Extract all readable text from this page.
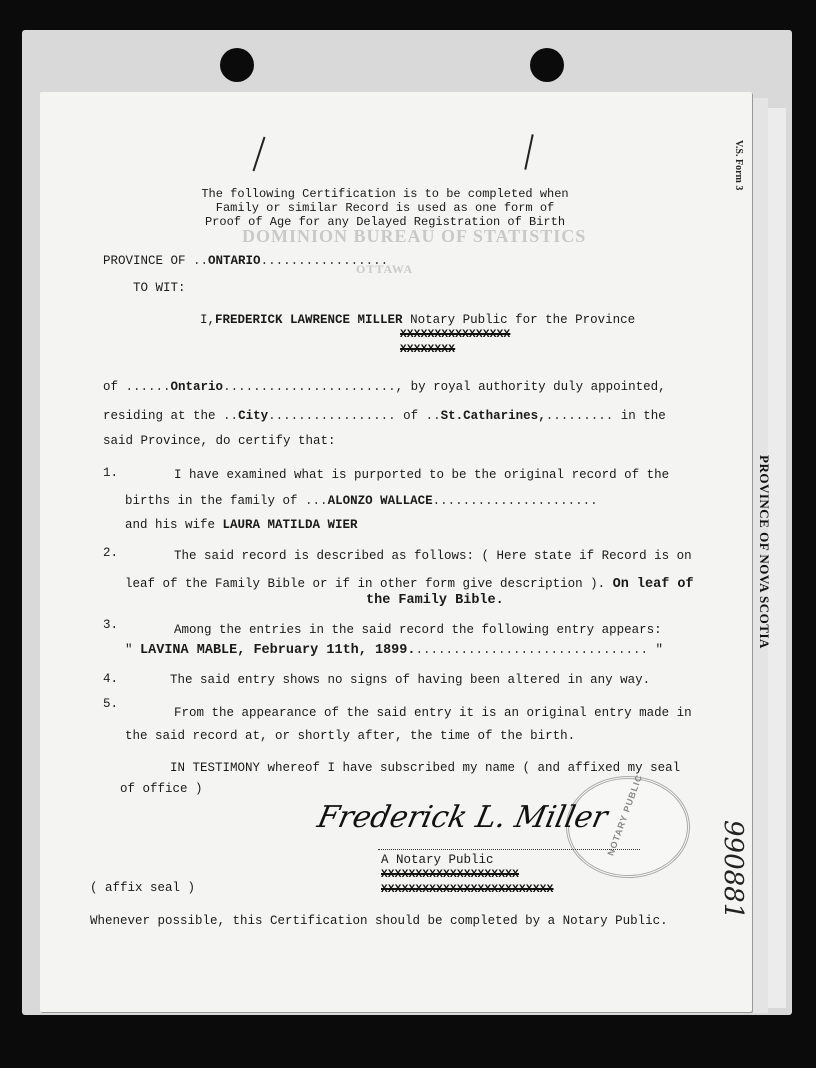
V.S. Form 3
PROVINCE OF NOVA SCOTIA
990881
DOMINION BUREAU OF STATISTICS
OTTAWA
The following Certification is to be completed when
Family or similar Record is used as one form of
Proof of Age for any Delayed Registration of Birth
PROVINCE OF ..ONTARIO.................
TO WIT:
I,FREDERICK LAWRENCE MILLER Notary Public for the Province
XXXXXXXXXXXXXXXX
XXXXXXXX
of ......Ontario......................., by royal authority duly appointed,
residing at the ..City................. of ..St.Catharines,......... in the
said Province, do certify that:
1.	I have examined what is purported to be the original record of the
births in the family of ...ALONZO WALLACE......................
and his wife LAURA MATILDA WIER
2.	The said record is described as follows: ( Here state if Record is on
leaf of the Family Bible or if in other form give description ). On leaf of
the Family Bible.
3.	Among the entries in the said record the following entry appears:
" LAVINA MABLE, February 11th, 1899................................ "
4.	The said entry shows no signs of having been altered in any way.
5.
From the appearance of the said entry it is an original entry made in
the said record at, or shortly after, the time of the birth.
IN TESTIMONY whereof I have subscribed my name ( and affixed my seal
of office )	NOTARY PUBLIC
Frederick L. Miller
A Notary Public
XXXXXXXXXXXXXXXXXXXX
XXXXXXXXXXXXXXXXXXXXXXXXX
( affix seal )
Whenever possible, this Certification should be completed by a Notary Public.
